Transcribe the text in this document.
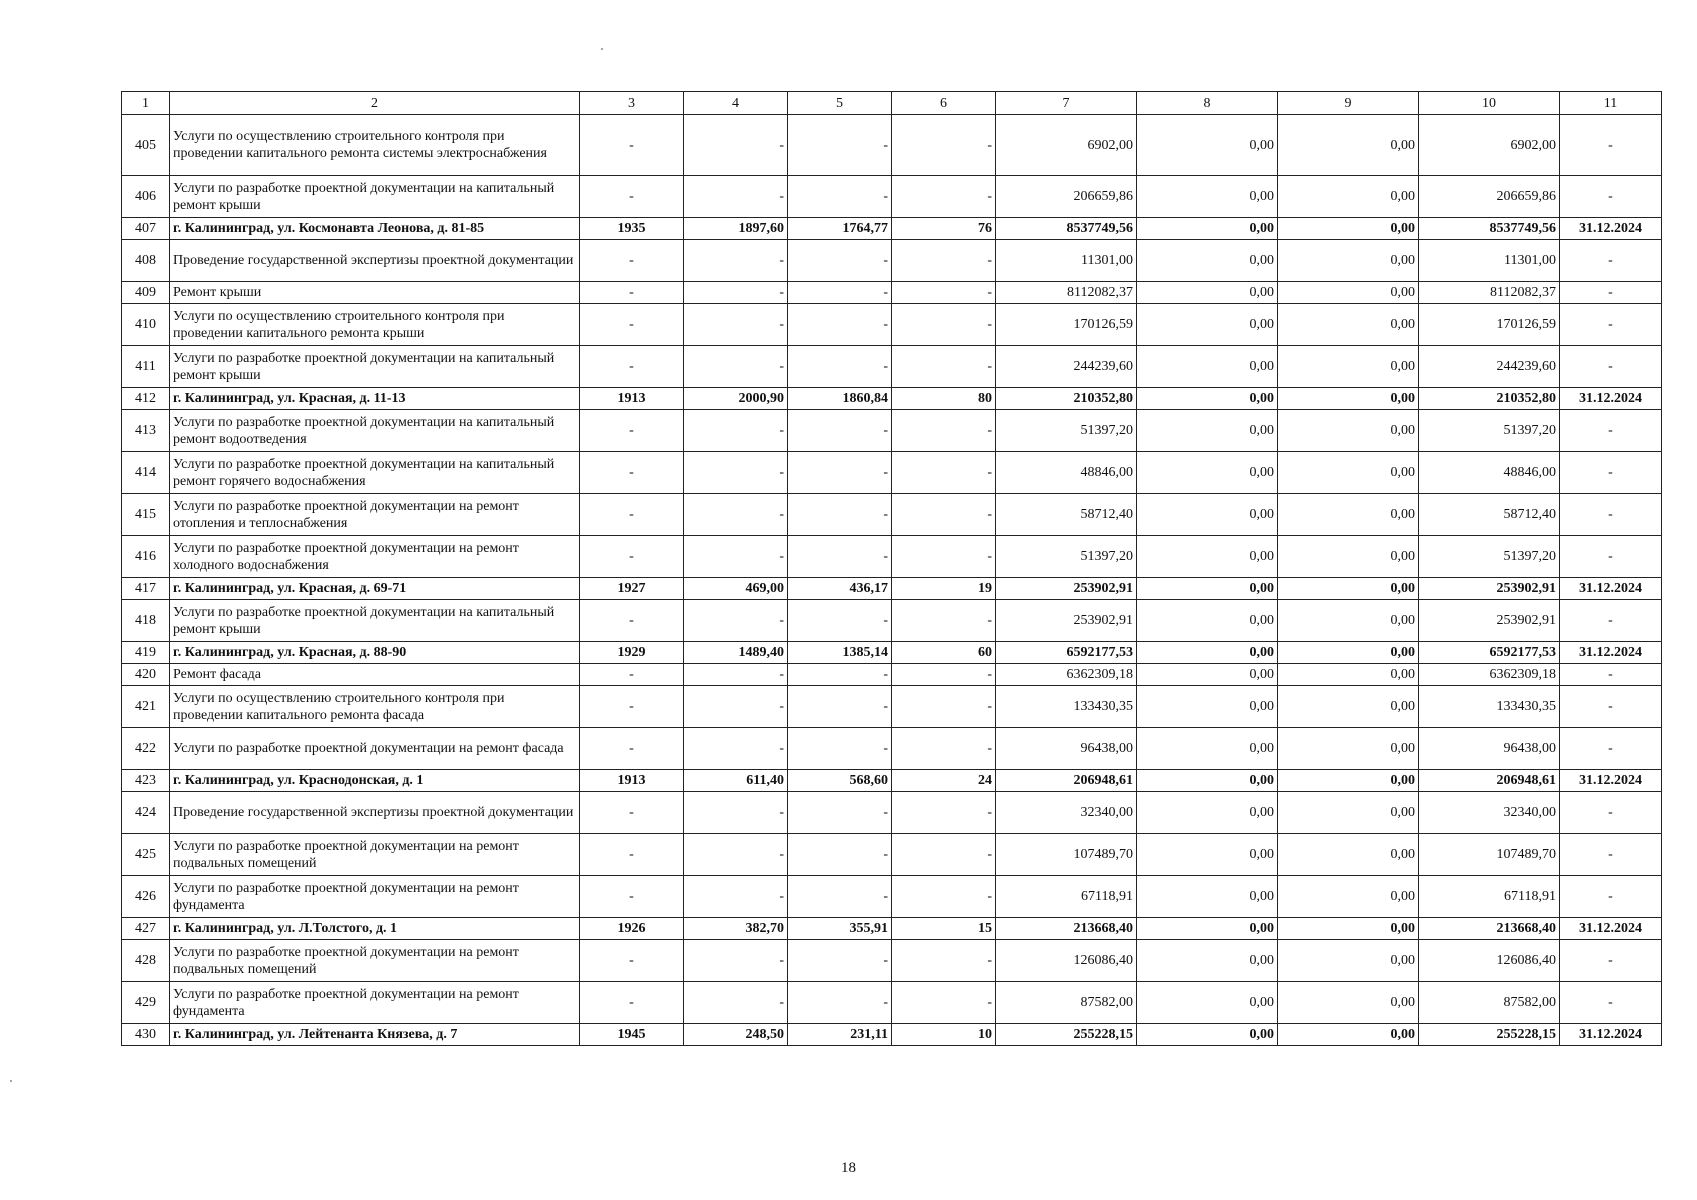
1	2	3	4	5	6	7	8	9	10	11
405	Услуги по осуществлению строительного контроля при проведении капитального ремонта системы электроснабжения	-	-	-	-	6902,00	0,00	0,00	6902,00	-
406	Услуги по разработке проектной документации на капитальный ремонт крыши	-	-	-	-	206659,86	0,00	0,00	206659,86	-
407	г. Калининград, ул. Космонавта Леонова, д. 81-85	1935	1897,60	1764,77	76	8537749,56	0,00	0,00	8537749,56	31.12.2024
408	Проведение государственной экспертизы проектной документации	-	-	-	-	11301,00	0,00	0,00	11301,00	-
409	Ремонт крыши	-	-	-	-	8112082,37	0,00	0,00	8112082,37	-
410	Услуги по осуществлению строительного контроля при проведении капитального ремонта крыши	-	-	-	-	170126,59	0,00	0,00	170126,59	-
411	Услуги по разработке проектной документации на капитальный ремонт крыши	-	-	-	-	244239,60	0,00	0,00	244239,60	-
412	г. Калининград, ул. Красная, д. 11-13	1913	2000,90	1860,84	80	210352,80	0,00	0,00	210352,80	31.12.2024
413	Услуги по разработке проектной документации на капитальный ремонт водоотведения	-	-	-	-	51397,20	0,00	0,00	51397,20	-
414	Услуги по разработке проектной документации на капитальный ремонт горячего водоснабжения	-	-	-	-	48846,00	0,00	0,00	48846,00	-
415	Услуги по разработке проектной документации на ремонт отопления и теплоснабжения	-	-	-	-	58712,40	0,00	0,00	58712,40	-
416	Услуги по разработке проектной документации на ремонт холодного водоснабжения	-	-	-	-	51397,20	0,00	0,00	51397,20	-
417	г. Калининград, ул. Красная, д. 69-71	1927	469,00	436,17	19	253902,91	0,00	0,00	253902,91	31.12.2024
418	Услуги по разработке проектной документации на капитальный ремонт крыши	-	-	-	-	253902,91	0,00	0,00	253902,91	-
419	г. Калининград, ул. Красная, д. 88-90	1929	1489,40	1385,14	60	6592177,53	0,00	0,00	6592177,53	31.12.2024
420	Ремонт фасада	-	-	-	-	6362309,18	0,00	0,00	6362309,18	-
421	Услуги по осуществлению строительного контроля при проведении капитального ремонта фасада	-	-	-	-	133430,35	0,00	0,00	133430,35	-
422	Услуги по разработке проектной документации на ремонт фасада	-	-	-	-	96438,00	0,00	0,00	96438,00	-
423	г. Калининград, ул. Краснодонская, д. 1	1913	611,40	568,60	24	206948,61	0,00	0,00	206948,61	31.12.2024
424	Проведение государственной экспертизы проектной документации	-	-	-	-	32340,00	0,00	0,00	32340,00	-
425	Услуги по разработке проектной документации на ремонт подвальных помещений	-	-	-	-	107489,70	0,00	0,00	107489,70	-
426	Услуги по разработке проектной документации на ремонт фундамента	-	-	-	-	67118,91	0,00	0,00	67118,91	-
427	г. Калининград, ул. Л.Толстого, д. 1	1926	382,70	355,91	15	213668,40	0,00	0,00	213668,40	31.12.2024
428	Услуги по разработке проектной документации на ремонт подвальных помещений	-	-	-	-	126086,40	0,00	0,00	126086,40	-
429	Услуги по разработке проектной документации на ремонт фундамента	-	-	-	-	87582,00	0,00	0,00	87582,00	-
430	г. Калининград, ул. Лейтенанта Князева, д. 7	1945	248,50	231,11	10	255228,15	0,00	0,00	255228,15	31.12.2024
18
